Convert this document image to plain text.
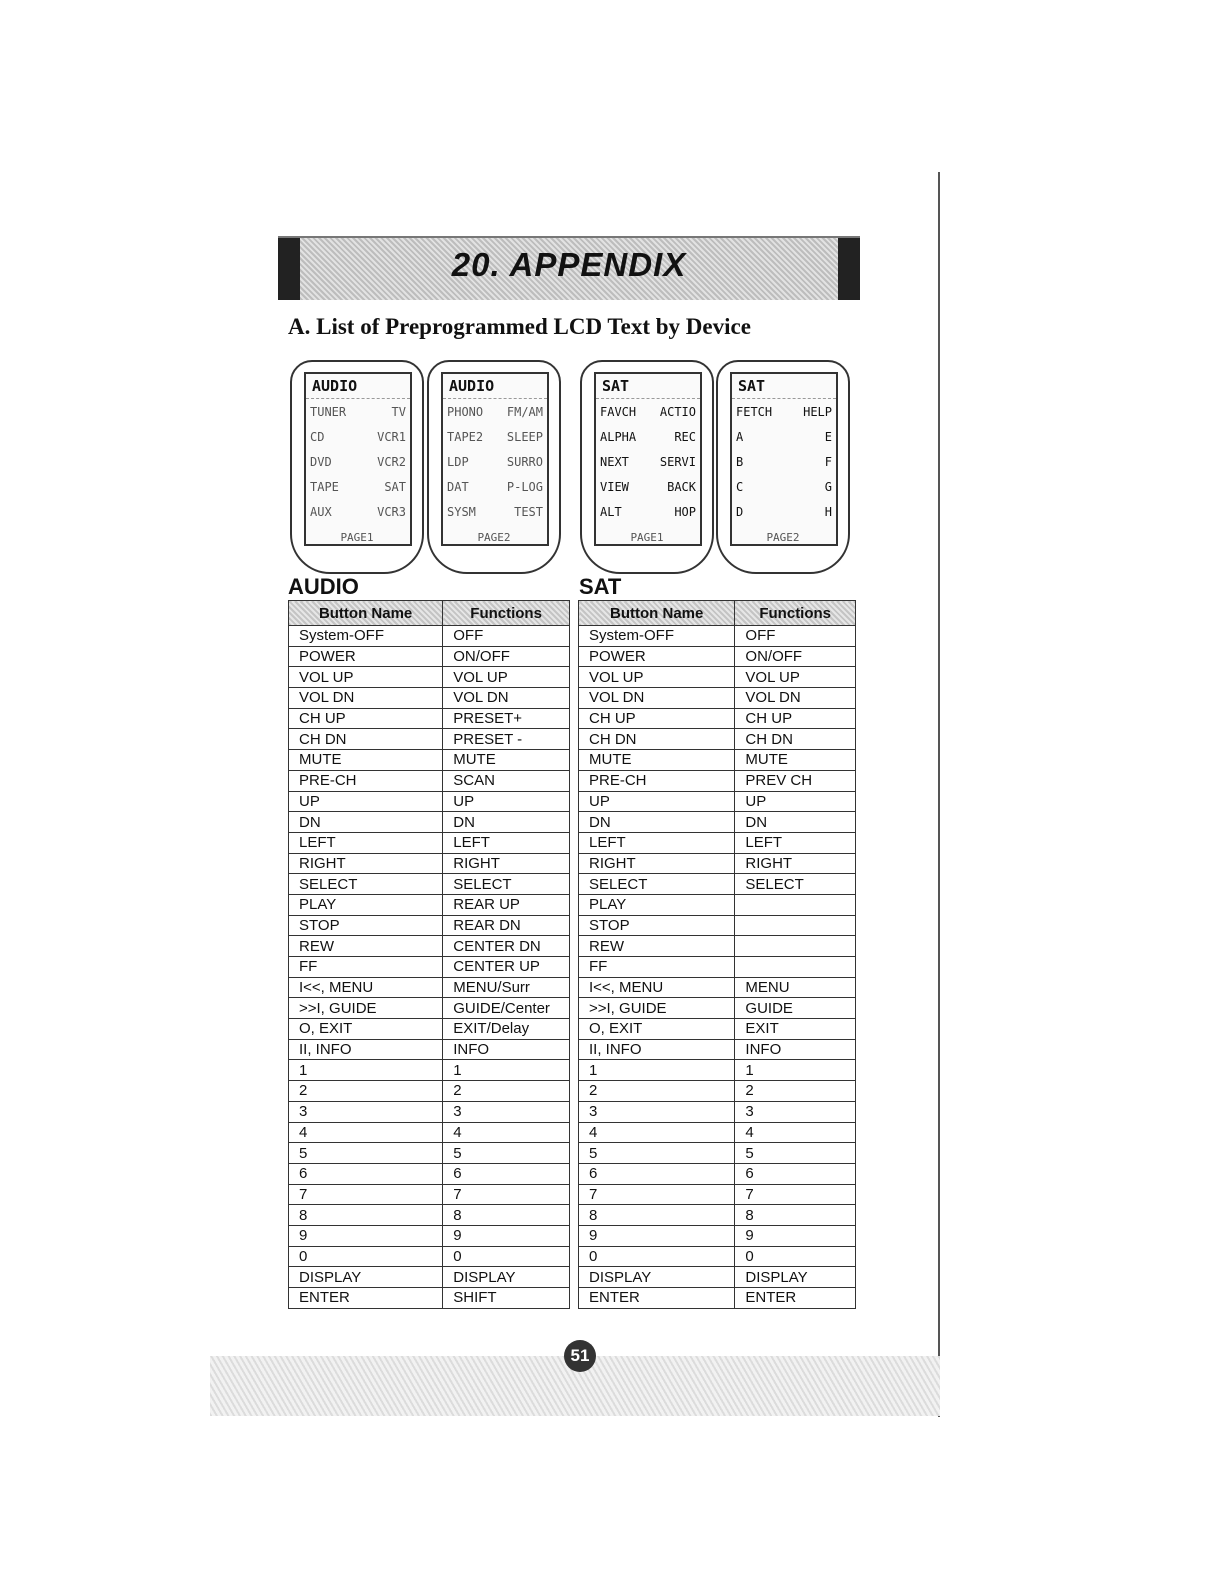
20. APPENDIX
A. List of Preprogrammed LCD Text by Device
AUDIO
TUNER	TV
CD	VCR1
DVD	VCR2
TAPE	SAT
AUX	VCR3
PAGE1
AUDIO
PHONO FM/AM
TAPE2 SLEEP
LDP	SURRO
DAT	P-LOG
SYSM	TEST
PAGE2
SAT
FAVCH ACTIO
ALPHA	REC
NEXT	SERVI
VIEW	BACK
ALT	HOP
PAGE1
SAT
FETCH	HELP
A	E
B	F
C	G
D	H
PAGE2
AUDIO	SAT
Button Name	Functions
System-OFF	OFF
POWER	ON/OFF
VOL UP	VOL UP
VOL DN	VOL DN
CH UP	PRESET+
CH DN	PRESET -
MUTE	MUTE
PRE-CH	SCAN
UP	UP
DN	DN
LEFT	LEFT
RIGHT	RIGHT
SELECT	SELECT
PLAY	REAR UP
STOP	REAR DN
REW	CENTER DN
FF	CENTER UP
I<<, MENU	MENU/Surr
>>I, GUIDE	GUIDE/Center
O, EXIT	EXIT/Delay
II, INFO	INFO
1	1
2	2
3	3
4	4
5	5
6	6
7	7
8	8
9	9
0	0
DISPLAY	DISPLAY
ENTER	SHIFT
Button Name	Functions
System-OFF	OFF
POWER	ON/OFF
VOL UP	VOL UP
VOL DN	VOL DN
CH UP	CH UP
CH DN	CH DN
MUTE	MUTE
PRE-CH	PREV CH
UP	UP
DN	DN
LEFT	LEFT
RIGHT	RIGHT
SELECT	SELECT
PLAY	
STOP	
REW	
FF	
I<<, MENU	MENU
>>I, GUIDE	GUIDE
O, EXIT	EXIT
II, INFO	INFO
1	1
2	2
3	3
4	4
5	5
6	6
7	7
8	8
9	9
0	0
DISPLAY	DISPLAY
ENTER	ENTER
51
